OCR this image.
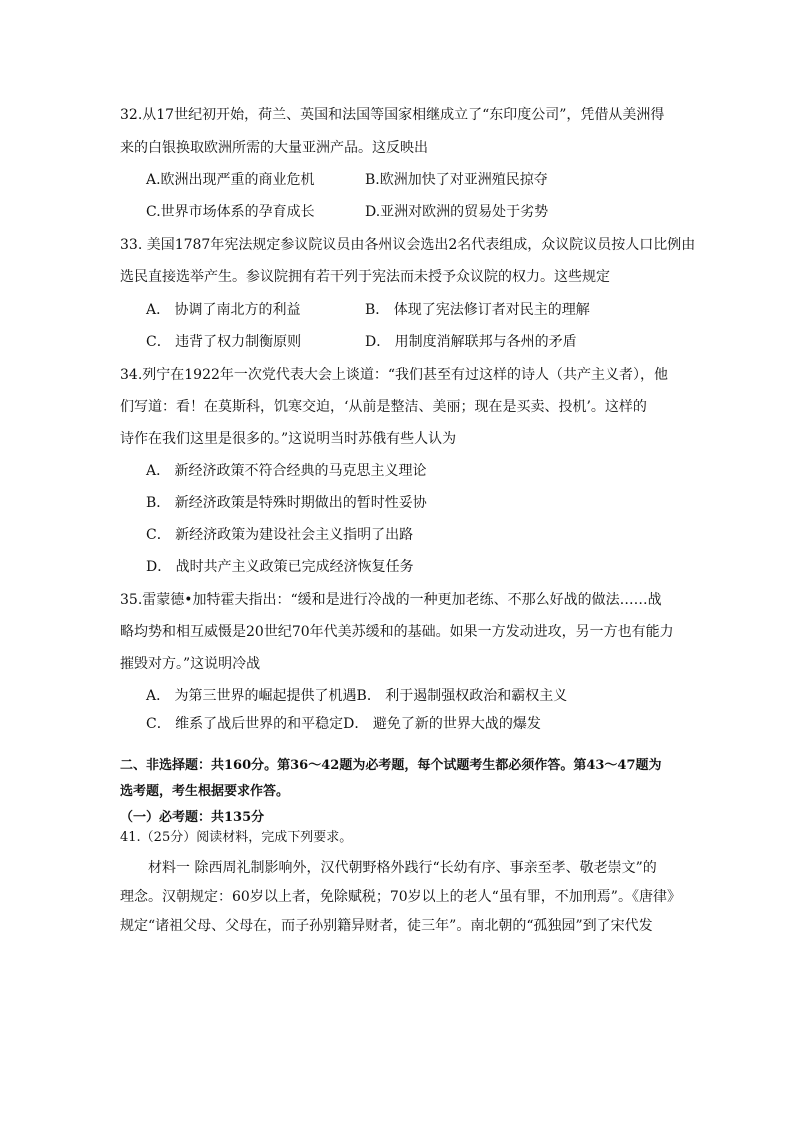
32.从17世纪初开始，荷兰、英国和法国等国家相继成立了“东印度公司”，凭借从美洲得
来的白银换取欧洲所需的大量亚洲产品。这反映出
A.欧洲出现严重的商业危机	B.欧洲加快了对亚洲殖民掠夺
C.世界市场体系的孕育成长	D.亚洲对欧洲的贸易处于劣势
33. 美国1787年宪法规定参议院议员由各州议会选出2名代表组成，众议院议员按人口比例由
选民直接选举产生。参议院拥有若干列于宪法而未授予众议院的权力。这些规定
A． 协调了南北方的利益	B． 体现了宪法修订者对民主的理解
C． 违背了权力制衡原则	D． 用制度消解联邦与各州的矛盾
34.列宁在1922年一次党代表大会上谈道：“我们甚至有过这样的诗人（共产主义者），他
们写道：看！在莫斯科，饥寒交迫，‘从前是整洁、美丽；现在是买卖、投机’。这样的
诗作在我们这里是很多的。”这说明当时苏俄有些人认为
A． 新经济政策不符合经典的马克思主义理论
B． 新经济政策是特殊时期做出的暂时性妥协
C． 新经济政策为建设社会主义指明了出路
D． 战时共产主义政策已完成经济恢复任务
35.雷蒙德•加特霍夫指出：“缓和是进行冷战的一种更加老练、不那么好战的做法……战
略均势和相互威慑是20世纪70年代美苏缓和的基础。如果一方发动进攻，另一方也有能力
摧毁对方。”这说明冷战
A． 为第三世界的崛起提供了机遇B． 利于遏制强权政治和霸权主义
C． 维系了战后世界的和平稳定D． 避免了新的世界大战的爆发
二、非选择题：共160分。第36～42题为必考题，每个试题考生都必须作答。第43～47题为
选考题，考生根据要求作答。
（一）必考题：共135分
41.（25分）阅读材料，完成下列要求。
材料一 除西周礼制影响外，汉代朝野格外践行“长幼有序、事亲至孝、敬老崇文”的
理念。汉朝规定：60岁以上者，免除赋税；70岁以上的老人“虽有罪，不加刑焉”。《唐律》
规定“诸祖父母、父母在，而子孙别籍异财者，徒三年”。南北朝的“孤独园”到了宋代发
